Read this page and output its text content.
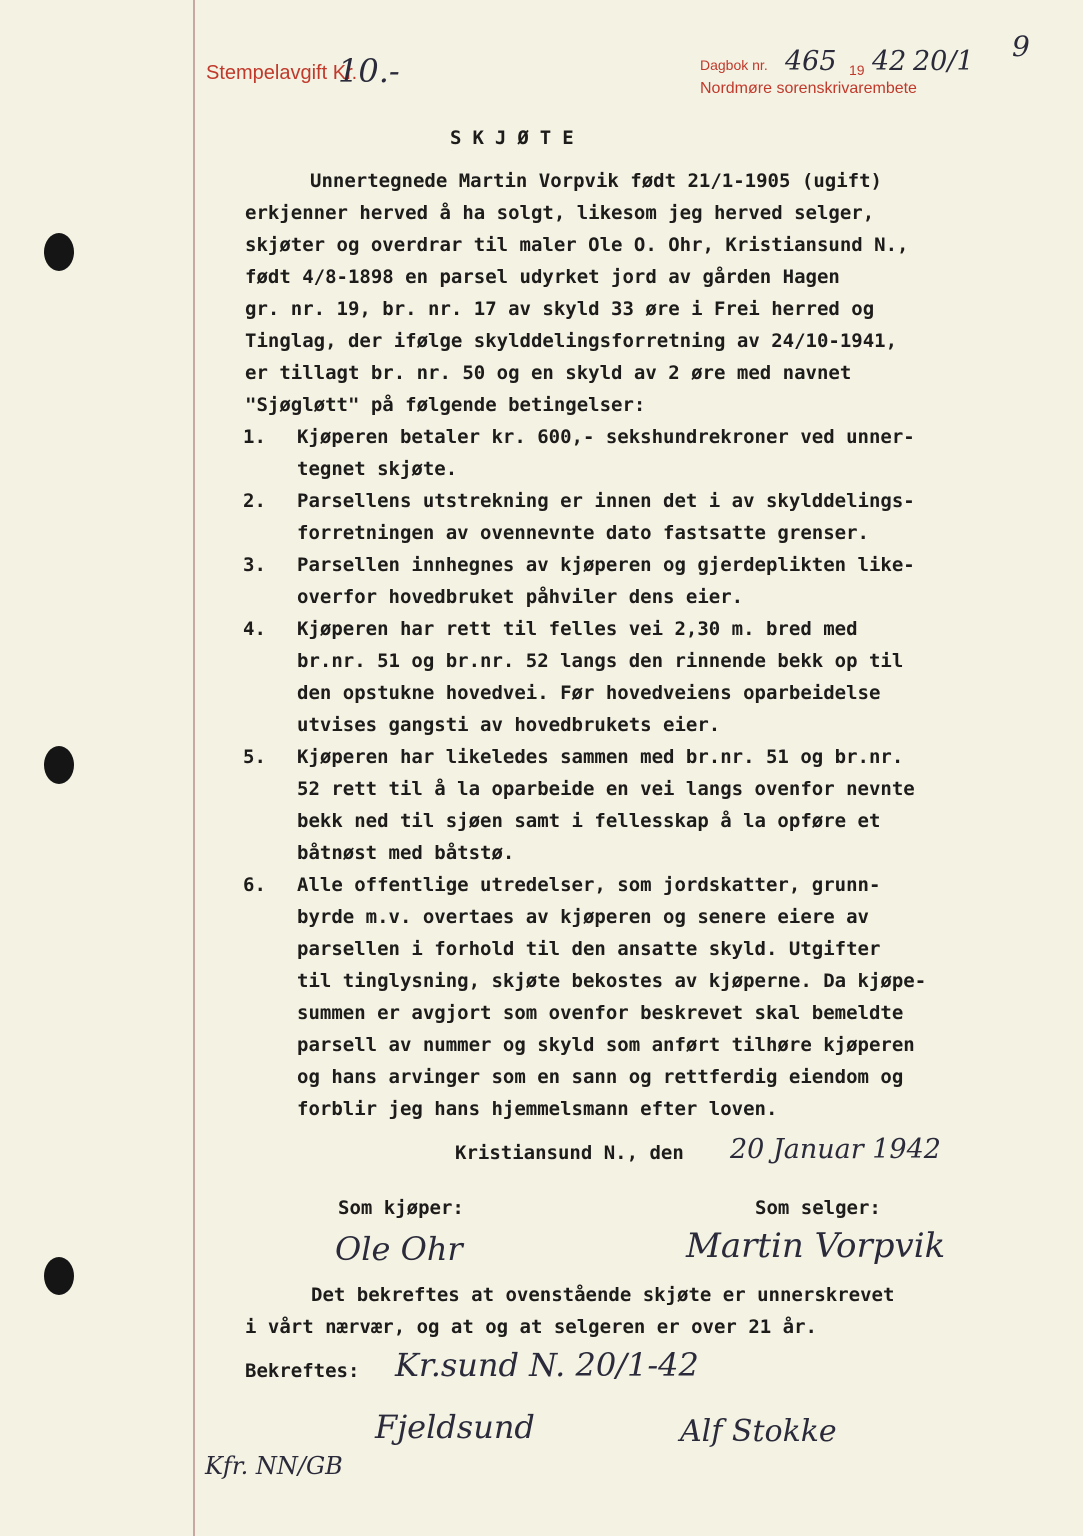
Stempelavgift Kr.
10.-	Dagbok nr. 465 19 42 20/1
Nordmøre sorenskrivarembete
9
SKJØTE
Unnertegnede Martin Vorpvik født 21/1-1905 (ugift)
erkjenner herved å ha solgt, likesom jeg herved selger,
skjøter og overdrar til maler Ole O. Ohr, Kristiansund N.,
født 4/8-1898 en parsel udyrket jord av gården Hagen
gr. nr. 19, br. nr. 17 av skyld 33 øre i Frei herred og
Tinglag, der ifølge skylddelingsforretning av 24/10-1941,
er tillagt br. nr. 50 og en skyld av 2 øre med navnet
"Sjøgløtt" på følgende betingelser:
1. Kjøperen betaler kr. 600,- sekshundrekroner ved unner-
tegnet skjøte.
2. Parsellens utstrekning er innen det i av skylddelings-
forretningen av ovennevnte dato fastsatte grenser.
3. Parsellen innhegnes av kjøperen og gjerdeplikten like-
overfor hovedbruket påhviler dens eier.
4. Kjøperen har rett til felles vei 2,30 m. bred med
br.nr. 51 og br.nr. 52 langs den rinnende bekk op til
den opstukne hovedvei. Før hovedveiens oparbeidelse
utvises gangsti av hovedbrukets eier.
5. Kjøperen har likeledes sammen med br.nr. 51 og br.nr.
52 rett til å la oparbeide en vei langs ovenfor nevnte
bekk ned til sjøen samt i fellesskap å la opføre et
båtnøst med båtstø.
6. Alle offentlige utredelser, som jordskatter, grunn-
byrde m.v. overtaes av kjøperen og senere eiere av
parsellen i forhold til den ansatte skyld. Utgifter
til tinglysning, skjøte bekostes av kjøperne. Da kjøpe-
summen er avgjort som ovenfor beskrevet skal bemeldte
parsell av nummer og skyld som anført tilhøre kjøperen
og hans arvinger som en sann og rettferdig eiendom og
forblir jeg hans hjemmelsmann efter loven.
Kristiansund N., den 20 Januar 1942
Som kjøper:	Som selger:
Ole Ohr	Martin Vorpvik
Det bekreftes at ovenstående skjøte er unnerskrevet
i vårt nærvær, og at og at selgeren er over 21 år.
Bekreftes: Kr.sund N. 20/1-42
Fjeldsund	Alf Stokke
Kfr. NN/GB
